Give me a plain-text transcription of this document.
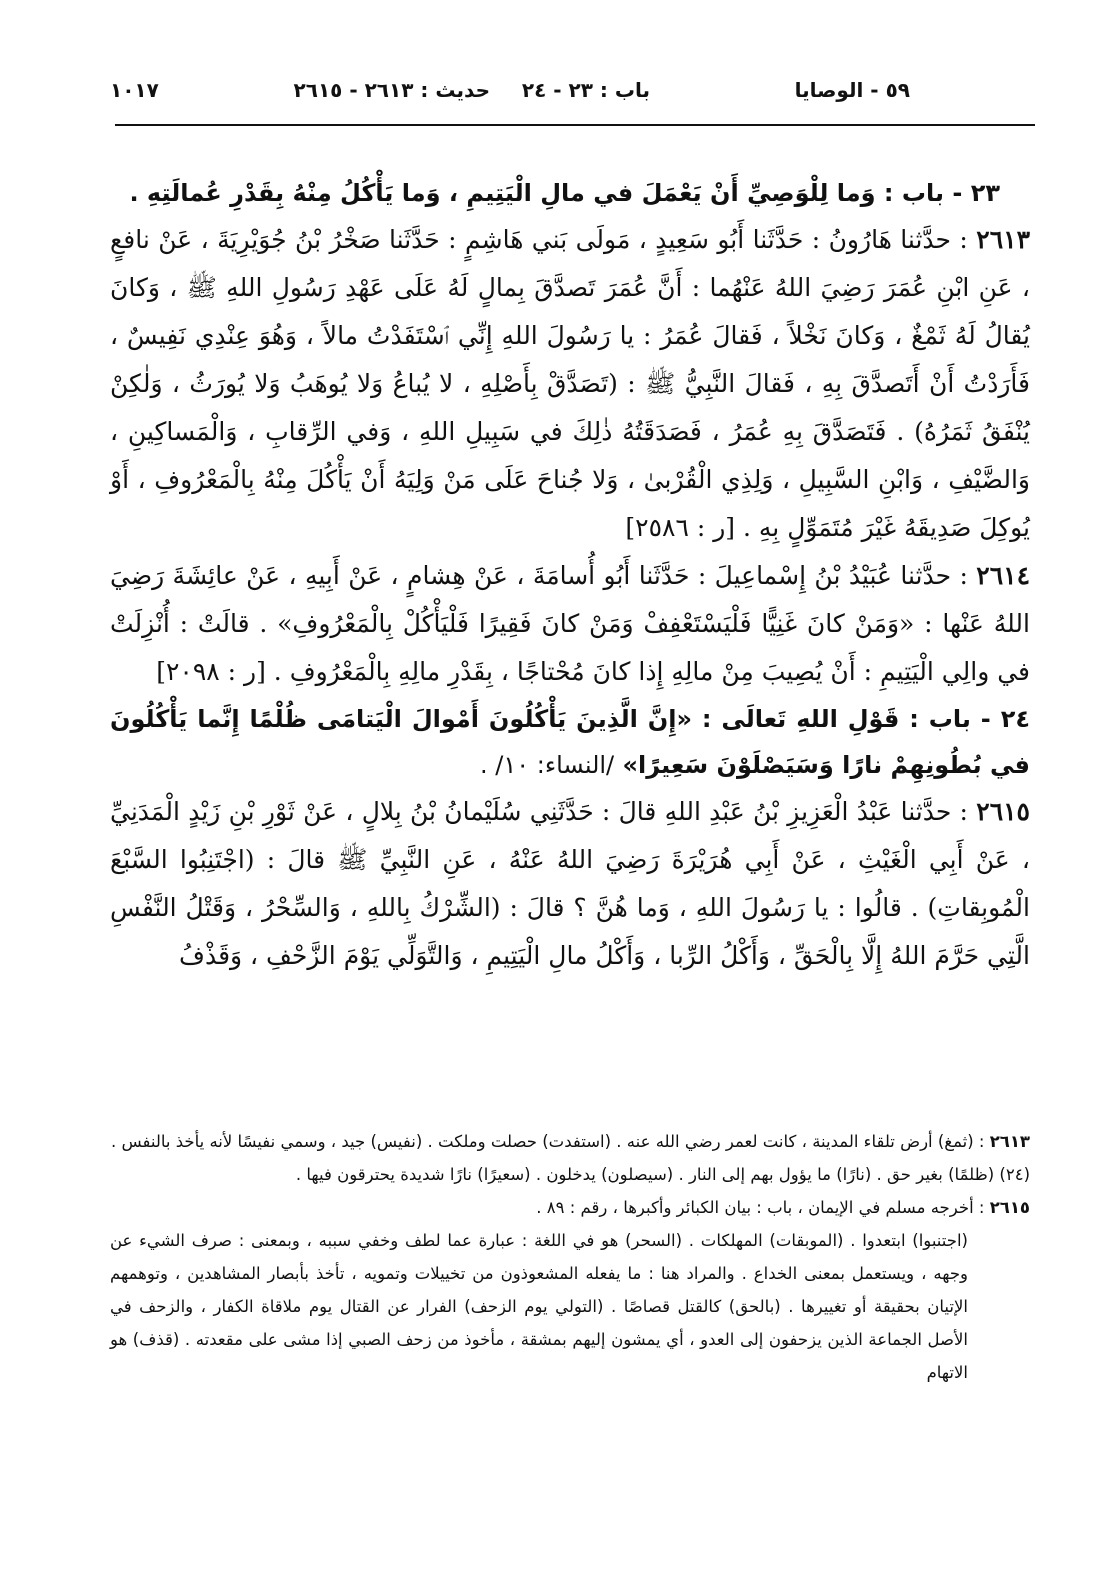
٥٩ - الوصايا
باب : ٢٣ - ٢٤
حديث : ٢٦١٣ - ٢٦١٥
١٠١٧

٢٣ - باب : وَما لِلْوَصِيِّ أَنْ يَعْمَلَ في مالِ الْيَتِيمِ ، وَما يَأْكُلُ مِنْهُ بِقَدْرِ عُمالَتِهِ .

٢٦١٣ : حدَّثنا هَارُونُ : حَدَّثَنا أَبُو سَعِيدٍ ، مَولَى بَني هَاشِمٍ : حَدَّثَنا صَخْرُ بْنُ جُوَيْرِيَةَ ، عَنْ نافعٍ ، عَنِ ابْنِ عُمَرَ رَضِيَ اللهُ عَنْهُما : أَنَّ عُمَرَ تَصدَّقَ بِمالٍ لَهُ عَلَى عَهْدِ رَسُولِ اللهِ ﷺ ، وَكانَ يُقالُ لَهُ ثَمْغٌ ، وَكانَ نَخْلاً ، فَقالَ عُمَرُ : يا رَسُولَ اللهِ إِنِّي ٱسْتَفَدْتُ مالاً ، وَهُوَ عِنْدِي نَفِيسٌ ، فَأَرَدْتُ أَنْ أَتَصدَّقَ بِهِ ، فَقالَ النَّبِيُّ ﷺ : (تَصَدَّقْ بِأَصْلِهِ ، لا يُباعُ وَلا يُوهَبُ وَلا يُورَثُ ، وَلٰكِنْ يُنْفَقُ ثَمَرُهُ) . فَتَصَدَّقَ بِهِ عُمَرُ ، فَصَدَقَتُهُ ذٰلِكَ في سَبِيلِ اللهِ ، وَفي الرِّقابِ ، وَالْمَساكِينِ ، وَالضَّيْفِ ، وَابْنِ السَّبِيلِ ، وَلِذِي الْقُرْبىٰ ، وَلا جُناحَ عَلَى مَنْ وَلِيَهُ أَنْ يَأْكُلَ مِنْهُ بِالْمَعْرُوفِ ، أَوْ يُوكِلَ صَدِيقَهُ غَيْرَ مُتَمَوِّلٍ بِهِ . [ر : ٢٥٨٦]

٢٦١٤ : حدَّثنا عُبَيْدُ بْنُ إِسْماعِيلَ : حَدَّثَنا أَبُو أُسامَةَ ، عَنْ هِشامٍ ، عَنْ أَبِيهِ ، عَنْ عائِشَةَ رَضِيَ اللهُ عَنْها : «وَمَنْ كانَ غَنِيًّا فَلْيَسْتَعْفِفْ وَمَنْ كانَ فَقِيرًا فَلْيَأْكُلْ بِالْمَعْرُوفِ» . قالَتْ : أُنْزِلَتْ في والِي الْيَتِيمِ : أَنْ يُصِيبَ مِنْ مالِهِ إِذا كانَ مُحْتاجًا ، بِقَدْرِ مالِهِ بِالْمَعْرُوفِ . [ر : ٢٠٩٨]

٢٤ - باب : قَوْلِ اللهِ تَعالَى : «إِنَّ الَّذِينَ يَأْكُلُونَ أَمْوالَ الْيَتامَى ظُلْمًا إِنَّما يَأْكُلُونَ في بُطُونِهِمْ نارًا وَسَيَصْلَوْنَ سَعِيرًا» /النساء: ١٠/ .

٢٦١٥ : حدَّثنا عَبْدُ الْعَزِيزِ بْنُ عَبْدِ اللهِ قالَ : حَدَّثَنِي سُلَيْمانُ بْنُ بِلالٍ ، عَنْ ثَوْرِ بْنِ زَيْدٍ الْمَدَنِيِّ ، عَنْ أَبِي الْغَيْثِ ، عَنْ أَبِي هُرَيْرَةَ رَضِيَ اللهُ عَنْهُ ، عَنِ النَّبِيِّ ﷺ قالَ : (اجْتَنِبُوا السَّبْعَ الْمُوبِقاتِ) . قالُوا : يا رَسُولَ اللهِ ، وَما هُنَّ ؟ قالَ : (الشِّرْكُ بِاللهِ ، وَالسِّحْرُ ، وَقَتْلُ النَّفْسِ الَّتِي حَرَّمَ اللهُ إِلَّا بِالْحَقِّ ، وَأَكْلُ الرِّبا ، وَأَكْلُ مالِ الْيَتِيمِ ، وَالتَّوَلِّي يَوْمَ الزَّحْفِ ، وَقَذْفُ

٢٦١٣ : (ثمغ) أرض تلقاء المدينة ، كانت لعمر رضي الله عنه . (استفدت) حصلت وملكت . (نفيس) جيد ، وسمي نفيسًا لأنه يأخذ بالنفس .

(٢٤) (ظلمًا) بغير حق . (نارًا) ما يؤول بهم إلى النار . (سيصلون) يدخلون . (سعيرًا) نارًا شديدة يحترقون فيها .

٢٦١٥ : أخرجه مسلم في الإيمان ، باب : بيان الكبائر وأكبرها ، رقم : ٨٩ .

(اجتنبوا) ابتعدوا . (الموبقات) المهلكات . (السحر) هو في اللغة : عبارة عما لطف وخفي سببه ، وبمعنى : صرف الشيء عن وجهه ، ويستعمل بمعنى الخداع . والمراد هنا : ما يفعله المشعوذون من تخييلات وتمويه ، تأخذ بأبصار المشاهدين ، وتوهمهم الإتيان بحقيقة أو تغييرها . (بالحق) كالقتل قصاصًا . (التولي يوم الزحف) الفرار عن القتال يوم ملاقاة الكفار ، والزحف في الأصل الجماعة الذين يزحفون إلى العدو ، أي يمشون إليهم بمشقة ، مأخوذ من زحف الصبي إذا مشى على مقعدته . (قذف) هو الاتهام
